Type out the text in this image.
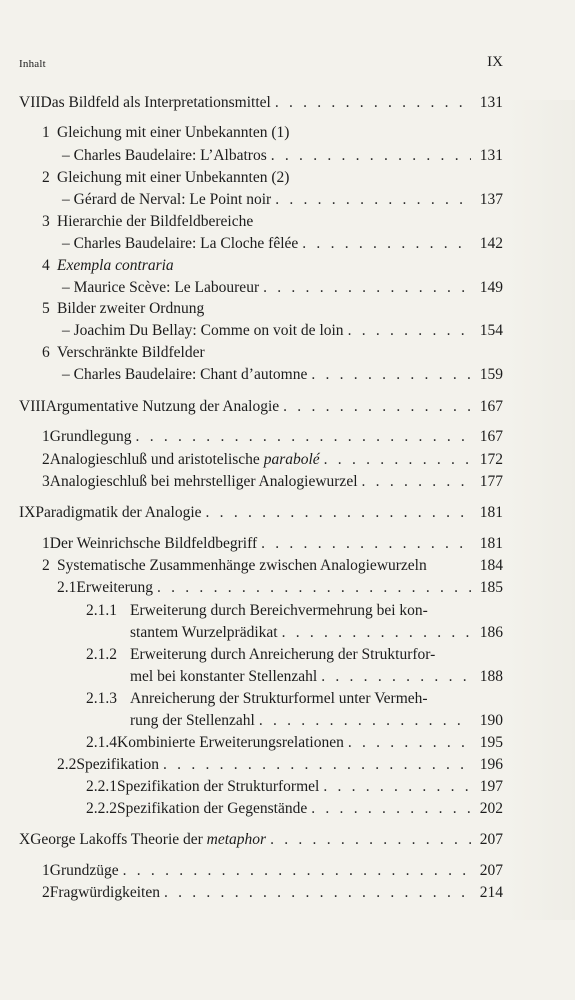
Inhalt	IX
VII Das Bildfeld als Interpretationsmittel . . .	131
1 Gleichung mit einer Unbekannten (1)
– Charles Baudelaire: L’Albatros . . .	131
2 Gleichung mit einer Unbekannten (2)
– Gérard de Nerval: Le Point noir . . .	137
3 Hierarchie der Bildfeldbereiche
– Charles Baudelaire: La Cloche fêlée . . .	142
4 Exempla contraria
– Maurice Scève: Le Laboureur . . .	149
5 Bilder zweiter Ordnung
– Joachim Du Bellay: Comme on voit de loin . . .	154
6 Verschränkte Bildfelder
– Charles Baudelaire: Chant d’automne . . .	159
VIII Argumentative Nutzung der Analogie . . .	167
1 Grundlegung . . .	167
2 Analogieschluß und aristotelische parabolé . . .	172
3 Analogieschluß bei mehrstelliger Analogiewurzel . . .	177
IX Paradigmatik der Analogie . . .	181
1 Der Weinrichsche Bildfeldbegriff . . .	181
2 Systematische Zusammenhänge zwischen Analogiewurzeln	184
2.1 Erweiterung . . .	185
2.1.1 Erweiterung durch Bereichvermehrung bei kon-
stantem Wurzelprädikat . . .	186
2.1.2 Erweiterung durch Anreicherung der Strukturfor-
mel bei konstanter Stellenzahl . . .	188
2.1.3 Anreicherung der Strukturformel unter Vermeh-
rung der Stellenzahl . . .	190
2.1.4 Kombinierte Erweiterungsrelationen . . .	195
2.2 Spezifikation . . .	196
2.2.1 Spezifikation der Strukturformel . . .	197
2.2.2 Spezifikation der Gegenstände . . .	202
X George Lakoffs Theorie der metaphor . . .	207
1 Grundzüge . . .	207
2 Fragwürdigkeiten . . .	214
